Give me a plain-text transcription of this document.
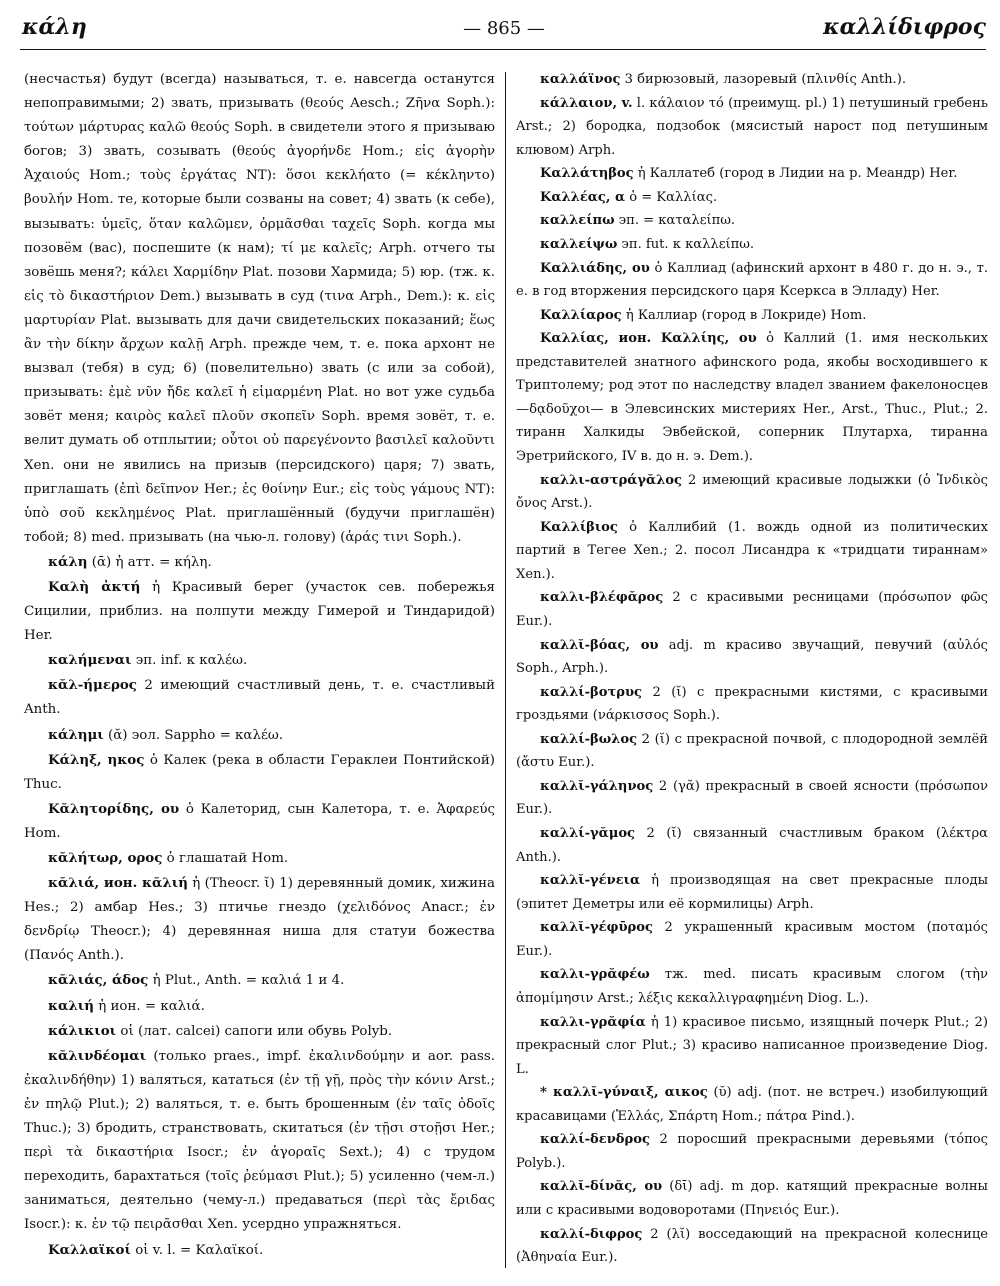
κάλη	— 865 —	καλλίδιφρος

(несчастья) будут (всегда) называться, т. е. навсегда останутся непоправимыми; 2) звать, призывать (θεούς Aesch.; Ζῆνα Soph.): τούτων μάρτυρας καλῶ θεούς Soph. в свидетели этого я призываю богов; 3) звать, созывать (θεούς ἀγορήνδε Hom.; εἰς ἀγορὴν Ἀχαιούς Hom.; τοὺς ἐργάτας NT): ὅσοι κεκλήατο (= κέκληντο) βουλήν Hom. те, которые были созваны на совет; 4) звать (к себе), вызывать: ὑμεῖς, ὅταν καλῶμεν, ὁρμᾶσθαι ταχεῖς Soph. когда мы позовём (вас), поспешите (к нам); τί με καλεῖς; Arph. отчего ты зовёшь меня?; κάλει Χαρμίδην Plat. позови Хармида; 5) юр. (тж. κ. εἰς τὸ δικαστήριον Dem.) вызывать в суд (τινα Arph., Dem.): κ. εἰς μαρτυρίαν Plat. вызывать для дачи свидетельских показаний; ἕως ἂν τὴν δίκην ἄρχων καλῇ Arph. прежде чем, т. е. пока архонт не вызвал (тебя) в суд; 6) (повелительно) звать (с или за собой), призывать: ἐμὲ νῦν ἤδε καλεῖ ἡ εἱμαρμένη Plat. но вот уже судьба зовёт меня; καιρὸς καλεῖ πλοῦν σκοπεῖν Soph. время зовёт, т. е. велит думать об отплытии; οὗτοι οὐ παρεγένοντο βασιλεῖ καλοῦντι Xen. они не явились на призыв (персидского) царя; 7) звать, приглашать (ἐπὶ δεῖπνον Her.; ἐς θοίνην Eur.; εἰς τοὺς γάμους NT): ὑπὸ σοῦ κεκλημένος Plat. приглашённый (будучи приглашён) тобой; 8) med. призывать (на чью-л. голову) (ἀράς τινι Soph.).

κάλη (ᾱ) ἡ атт. = κήλη.

Καλὴ ἀκτή ἡ Красивый берег (участок сев. побережья Сицилии, приблиз. на полпути между Гимерой и Тиндаридой) Her.

καλήμεναι эп. inf. к καλέω.

κᾰλ-ήμερος 2 имеющий счастливый день, т. е. счастливый Anth.

κάλημι (ᾰ) эол. Sappho = καλέω.

Κάληξ, ηκος ὁ Калек (река в области Гераклеи Понтийской) Thuc.

Κᾰλητορίδης, ου ὁ Калеторид, сын Калетора, т. е. Ἀφαρεύς Hom.

κᾰλήτωρ, ορος ὁ глашатай Hom.

κᾰλιά, ион. κᾰλιή ἡ (Theocr. ῐ) 1) деревянный домик, хижина Hes.; 2) амбар Hes.; 3) птичье гнездо (χελιδόνος Anacr.; ἐν δενδρίῳ Theocr.); 4) деревянная ниша для статуи божества (Πανός Anth.).

κᾰλιάς, άδος ἡ Plut., Anth. = καλιά 1 и 4.

καλιή ἡ ион. = καλιά.

κάλικιοι οἱ (лат. calcei) сапоги или обувь Polyb.

κᾰλινδέομαι (только praes., impf. ἐκαλινδούμην и aor. pass. ἐκαλινδήθην) 1) валяться, кататься (ἐν τῇ γῇ, πρὸς τὴν κόνιν Arst.; ἐν πηλῷ Plut.); 2) валяться, т. е. быть брошенным (ἐν ταῖς ὁδοῖς Thuc.); 3) бродить, странствовать, скитаться (ἐν τῇσι στοῇσι Her.; περὶ τὰ δικαστήρια Isocr.; ἐν ἀγοραῖς Sext.); 4) с трудом переходить, барахтаться (τοῖς ῥεύμασι Plut.); 5) усиленно (чем-л.) заниматься, деятельно (чему-л.) предаваться (περὶ τὰς ἔριδας Isocr.): κ. ἐν τῷ πειρᾶσθαι Xen. усердно упражняться.

Καλλαϊκοί οἱ v. l. = Καλαϊκοί.

καλλάϊνος 3 бирюзовый, лазоревый (πλινθίς Anth.).

κάλλαιον, v. l. κάλαιον τό (преимущ. pl.) 1) петушиный гребень Arst.; 2) бородка, подзобок (мясистый нарост под петушиным клювом) Arph.

Καλλάτηβος ἡ Каллатеб (город в Лидии на р. Меандр) Her.

Καλλέας, α ὁ = Καλλίας.

καλλείπω эп. = καταλείπω.

καλλείψω эп. fut. к καλλείπω.

Καλλιάδης, ου ὁ Каллиад (афинский архонт в 480 г. до н. э., т. е. в год вторжения персидского царя Ксеркса в Элладу) Her.

Καλλίαρος ἡ Каллиар (город в Локриде) Hom.

Καλλίας, ион. Καλλίης, ου ὁ Каллий (1. имя нескольких представителей знатного афинского рода, якобы восходившего к Триптолему; род этот по наследству владел званием факелоносцев —δᾳδοῦχοι— в Элевсинских мистериях Her., Arst., Thuc., Plut.; 2. тиранн Халкиды Эвбейской, соперник Плутарха, тиранна Эретрийского, IV в. до н. э. Dem.).

καλλι-αστράγᾰλος 2 имеющий красивые лодыжки (ὁ Ἰνδικὸς ὄνος Arst.).

Καλλίβιος ὁ Каллибий (1. вождь одной из политических партий в Тегее Xen.; 2. посол Лисандра к «тридцати тираннам» Xen.).

καλλι-βλέφᾰρος 2 с красивыми ресницами (πρόσωπον φῶς Eur.).

καλλῐ-βόας, ου adj. m красиво звучащий, певучий (αὐλός Soph., Arph.).

καλλί-βοτρυς 2 (ῐ) с прекрасными кистями, с красивыми гроздьями (νάρκισσος Soph.).

καλλί-βωλος 2 (ῐ) с прекрасной почвой, с плодородной землёй (ἄστυ Eur.).

καλλῐ-γάληνος 2 (γᾰ) прекрасный в своей ясности (πρόσωπον Eur.).

καλλί-γᾰμος 2 (ῐ) связанный счастливым браком (λέκτρα Anth.).

καλλῐ-γένεια ἡ производящая на свет прекрасные плоды (эпитет Деметры или её кормилицы) Arph.

καλλῐ-γέφῡρος 2 украшенный красивым мостом (ποταμός Eur.).

καλλι-γρᾰφέω тж. med. писать красивым слогом (τὴν ἀπομίμησιν Arst.; λέξις κεκαλλιγραφημένη Diog. L.).

καλλι-γρᾰφία ἡ 1) красивое письмо, изящный почерк Plut.; 2) прекрасный слог Plut.; 3) красиво написанное произведение Diog. L.

* καλλῐ-γύναιξ, αικος (ῠ) adj. (пот. не встреч.) изобилующий красавицами (Ἑλλάς, Σπάρτη Hom.; πάτρα Pind.).

καλλί-δενδρος 2 поросший прекрасными деревьями (τόπος Polyb.).

καλλῐ-δίνᾰς, ου (δῑ) adj. m дор. катящий прекрасные волны или с красивыми водоворотами (Πηνειός Eur.).

καλλί-διφρος 2 (λῐ) восседающий на прекрасной колеснице (Ἀθηναία Eur.).
